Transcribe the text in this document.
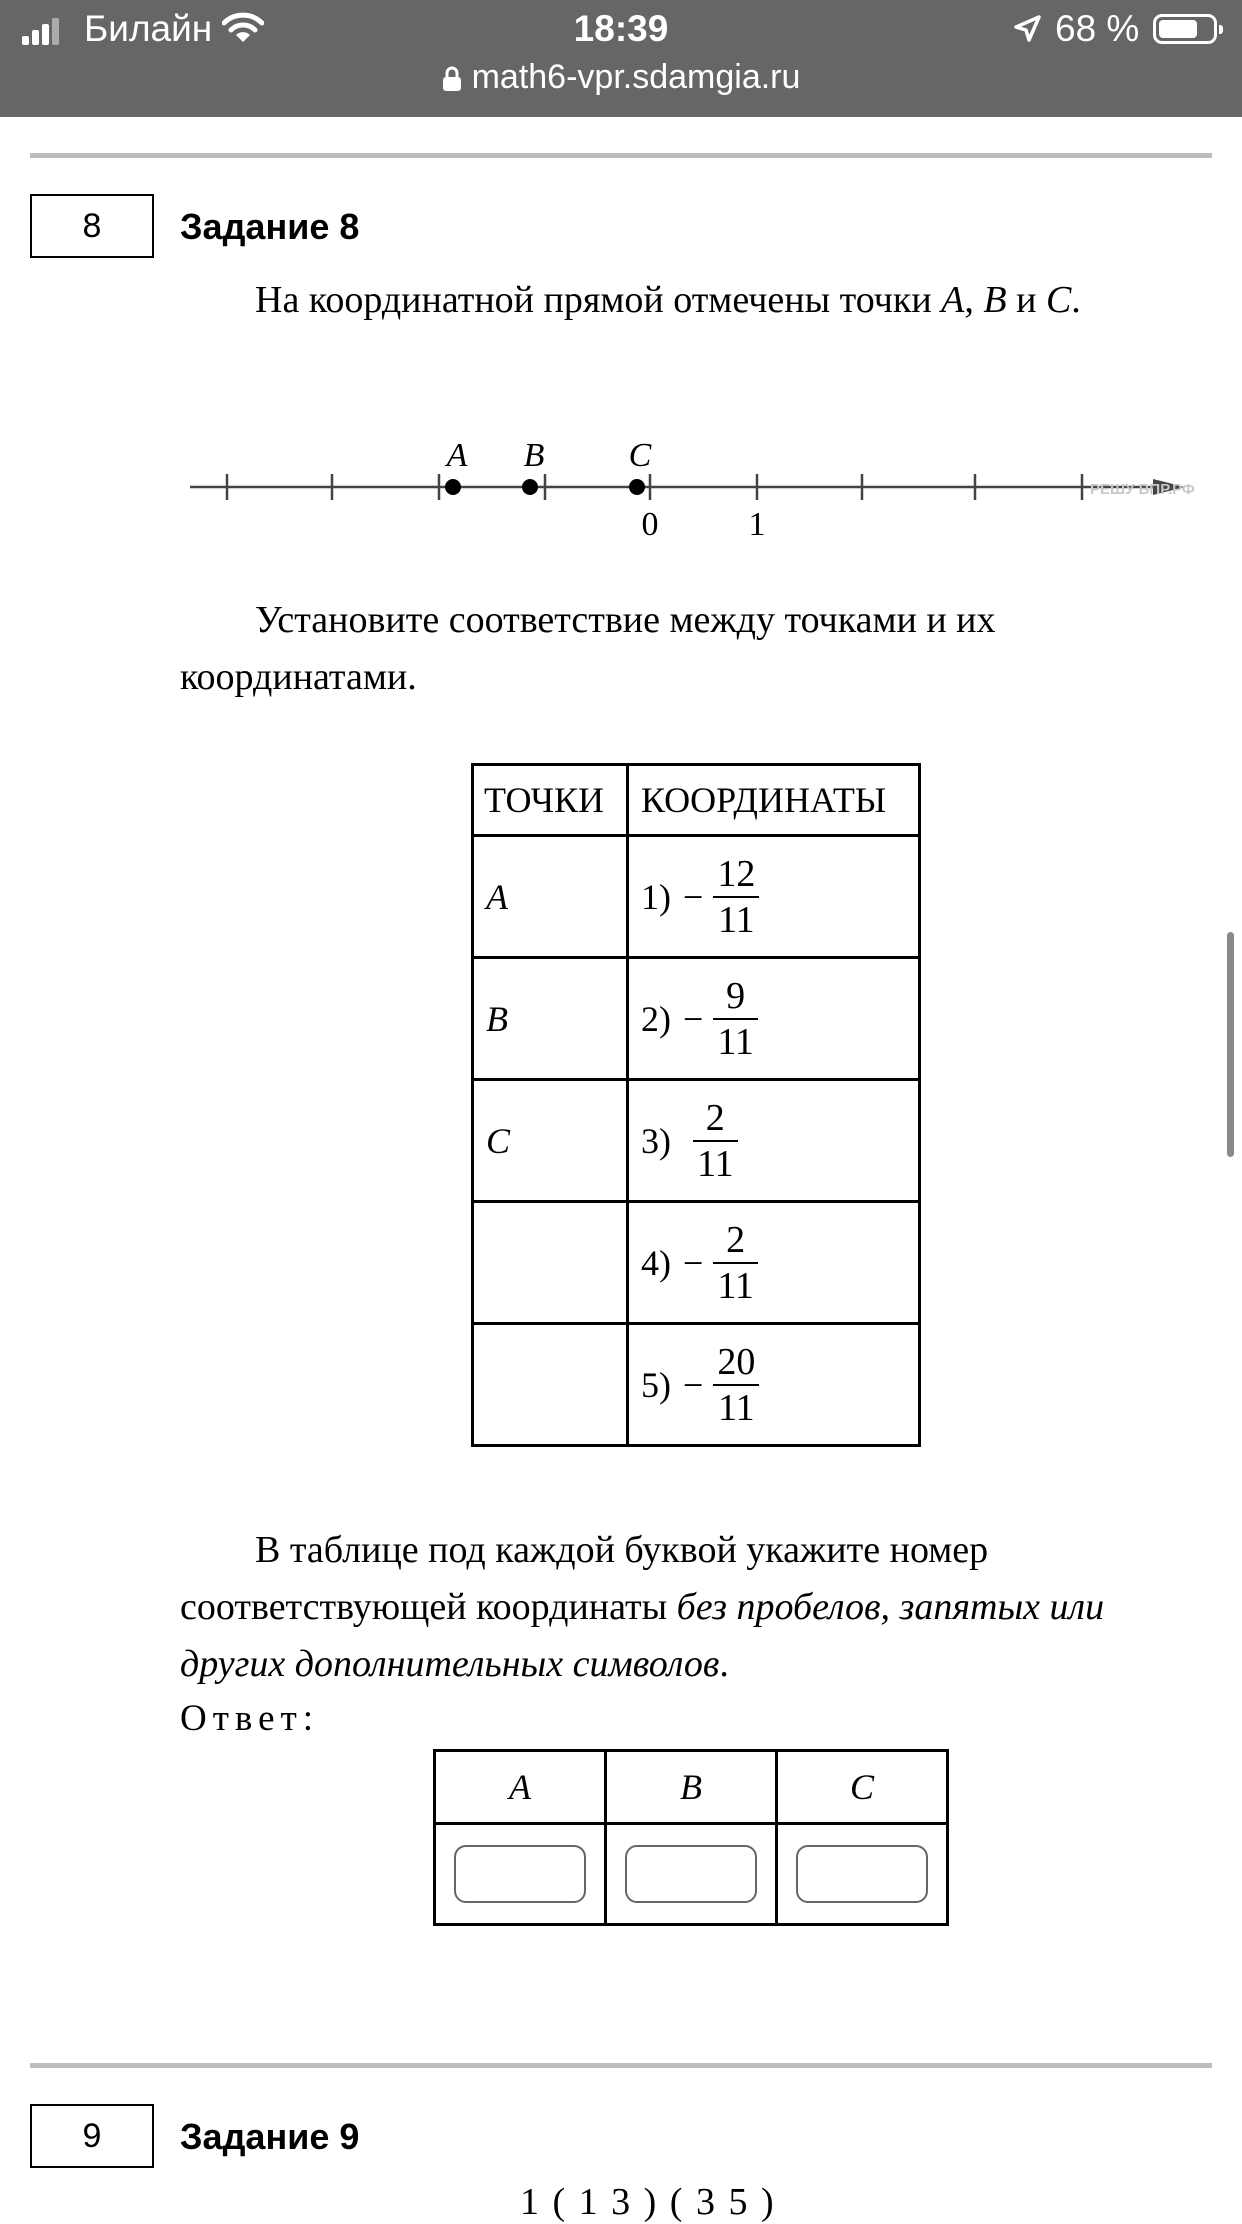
Билайн	18:39	68 %
math6-vpr.sdamgia.ru
8	Задание 8
На координатной прямой отмечены точки A, B и C.
A B C
0	1
РЕШУ ВПР.РФ
Установите соответствие между точками и их координатами.
ТОЧКИ	КООРДИНАТЫ
A	$1) - \frac{12}{11}$

B	$2) - \frac{9}{11}$

C	$3) \frac{2}{11}$

	$4) - \frac{2}{11}$

	$5) - \frac{20}{11}$
В таблице под каждой буквой укажите номер соответствующей координаты без пробелов, запятых или других дополнительных символов.
Ответ:
A	B	C

9	Задание 9
1 ( 1 3 ) ( 3 5 )
